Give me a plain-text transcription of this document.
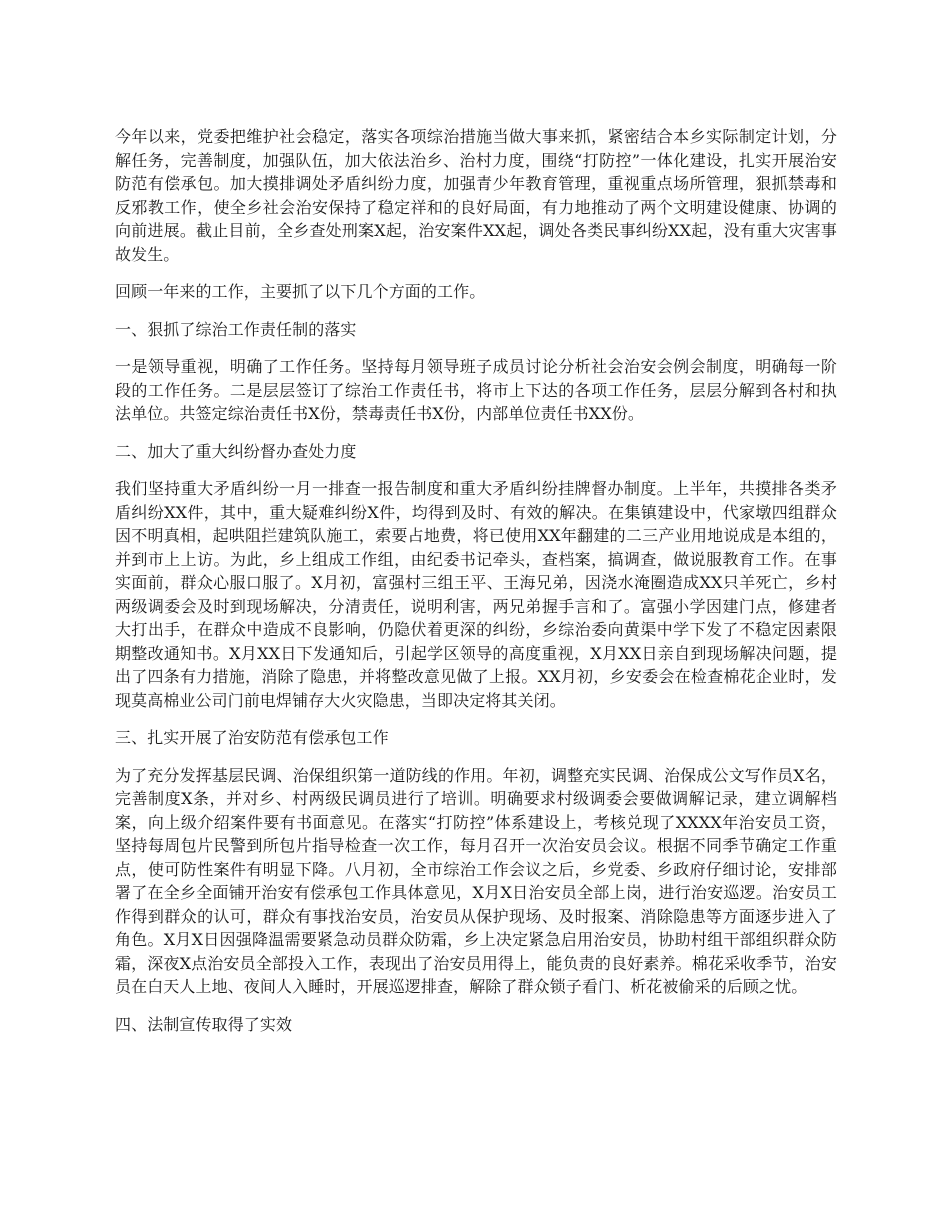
今年以来，党委把维护社会稳定，落实各项综治措施当做大事来抓，紧密结合本乡实际制定计划，分解任务，完善制度，加强队伍，加大依法治乡、治村力度，围绕“打防控”一体化建设，扎实开展治安防范有偿承包。加大摸排调处矛盾纠纷力度，加强青少年教育管理，重视重点场所管理，狠抓禁毒和反邪教工作，使全乡社会治安保持了稳定祥和的良好局面，有力地推动了两个文明建设健康、协调的向前进展。截止目前，全乡查处刑案X起，治安案件XX起，调处各类民事纠纷XX起，没有重大灾害事故发生。

回顾一年来的工作，主要抓了以下几个方面的工作。

一、狠抓了综治工作责任制的落实

一是领导重视，明确了工作任务。坚持每月领导班子成员讨论分析社会治安会例会制度，明确每一阶段的工作任务。二是层层签订了综治工作责任书，将市上下达的各项工作任务，层层分解到各村和执法单位。共签定综治责任书X份，禁毒责任书X份，内部单位责任书XX份。

二、加大了重大纠纷督办查处力度

我们坚持重大矛盾纠纷一月一排查一报告制度和重大矛盾纠纷挂牌督办制度。上半年，共摸排各类矛盾纠纷XX件，其中，重大疑难纠纷X件，均得到及时、有效的解决。在集镇建设中，代家墩四组群众因不明真相，起哄阻拦建筑队施工，索要占地费，将已使用XX年翻建的二三产业用地说成是本组的，并到市上上访。为此，乡上组成工作组，由纪委书记牵头，查档案，搞调查，做说服教育工作。在事实面前，群众心服口服了。X月初，富强村三组王平、王海兄弟，因浇水淹圈造成XX只羊死亡，乡村两级调委会及时到现场解决，分清责任，说明利害，两兄弟握手言和了。富强小学因建门点，修建者大打出手，在群众中造成不良影响，仍隐伏着更深的纠纷，乡综治委向黄渠中学下发了不稳定因素限期整改通知书。X月XX日下发通知后，引起学区领导的高度重视，X月XX日亲自到现场解决问题，提出了四条有力措施，消除了隐患，并将整改意见做了上报。XX月初，乡安委会在检查棉花企业时，发现莫高棉业公司门前电焊铺存大火灾隐患，当即决定将其关闭。

三、扎实开展了治安防范有偿承包工作

为了充分发挥基层民调、治保组织第一道防线的作用。年初，调整充实民调、治保成公文写作员X名，完善制度X条，并对乡、村两级民调员进行了培训。明确要求村级调委会要做调解记录，建立调解档案，向上级介绍案件要有书面意见。在落实“打防控”体系建设上，考核兑现了XXXX年治安员工资，坚持每周包片民警到所包片指导检查一次工作，每月召开一次治安员会议。根据不同季节确定工作重点，使可防性案件有明显下降。八月初，全市综治工作会议之后，乡党委、乡政府仔细讨论，安排部署了在全乡全面铺开治安有偿承包工作具体意见，X月X日治安员全部上岗，进行治安巡逻。治安员工作得到群众的认可，群众有事找治安员，治安员从保护现场、及时报案、消除隐患等方面逐步进入了角色。X月X日因强降温需要紧急动员群众防霜，乡上决定紧急启用治安员，协助村组干部组织群众防霜，深夜X点治安员全部投入工作，表现出了治安员用得上，能负责的良好素养。棉花采收季节，治安员在白天人上地、夜间人入睡时，开展巡逻排查，解除了群众锁子看门、析花被偷采的后顾之忧。

四、法制宣传取得了实效
